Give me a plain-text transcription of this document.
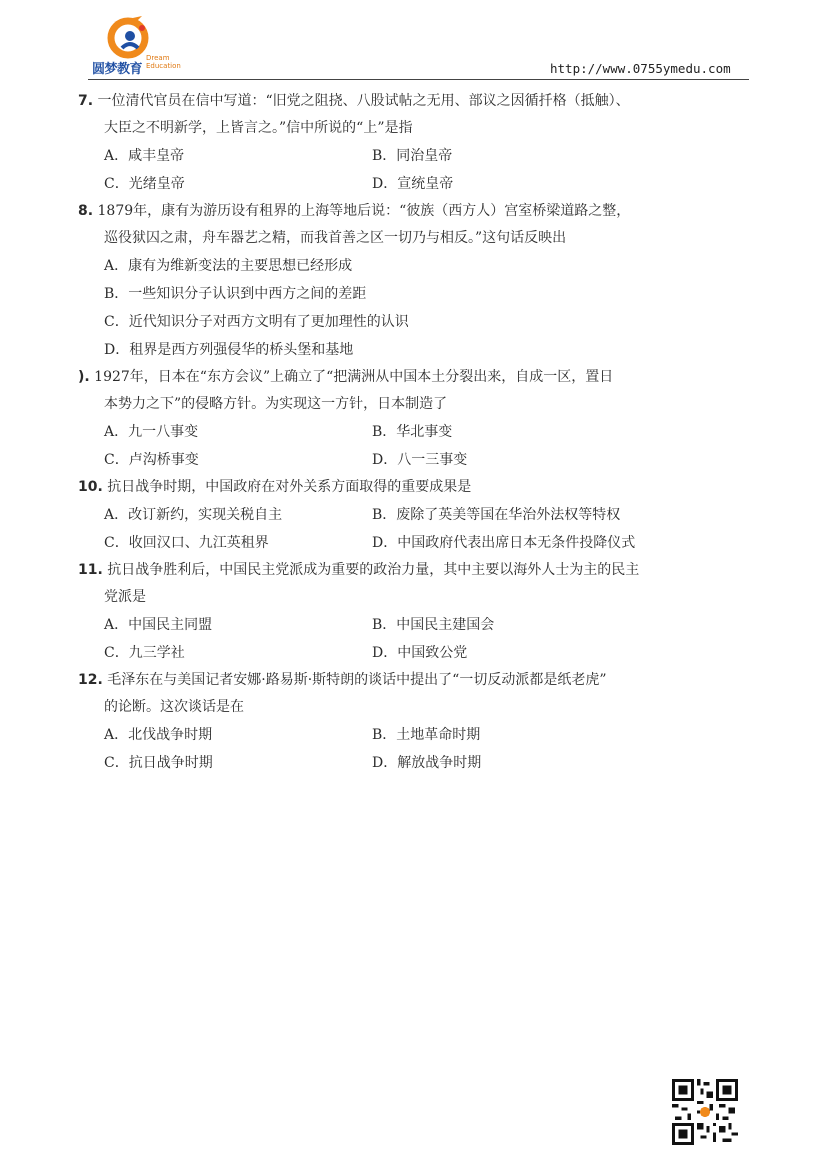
圆梦教育
Dream Education	http://www.0755ymedu.com

7. 一位清代官员在信中写道：“旧党之阻挠、八股试帖之无用、部议之因循扦格（抵触）、

大臣之不明新学，上皆言之。”信中所说的“上”是指

A．咸丰皇帝	B．同治皇帝
C．光绪皇帝	D．宣统皇帝

8. 1879年，康有为游历设有租界的上海等地后说：“彼族（西方人）宫室桥梁道路之整，

巡役狱囚之肃，舟车器艺之精，而我首善之区一切乃与相反。”这句话反映出

A．康有为维新变法的主要思想已经形成
B．一些知识分子认识到中西方之间的差距
C．近代知识分子对西方文明有了更加理性的认识
D．租界是西方列强侵华的桥头堡和基地

). 1927年，日本在“东方会议”上确立了“把满洲从中国本土分裂出来，自成一区，置日

本势力之下”的侵略方针。为实现这一方针，日本制造了

A．九一八事变	B．华北事变
C．卢沟桥事变	D．八一三事变

10. 抗日战争时期，中国政府在对外关系方面取得的重要成果是

A．改订新约，实现关税自主	B．废除了英美等国在华治外法权等特权
C．收回汉口、九江英租界	D．中国政府代表出席日本无条件投降仪式

11. 抗日战争胜利后，中国民主党派成为重要的政治力量，其中主要以海外人士为主的民主

党派是

A．中国民主同盟	B．中国民主建国会
C．九三学社	D．中国致公党

12. 毛泽东在与美国记者安娜·路易斯·斯特朗的谈话中提出了“一切反动派都是纸老虎”

的论断。这次谈话是在

A．北伐战争时期	B．土地革命时期
C．抗日战争时期	D．解放战争时期
